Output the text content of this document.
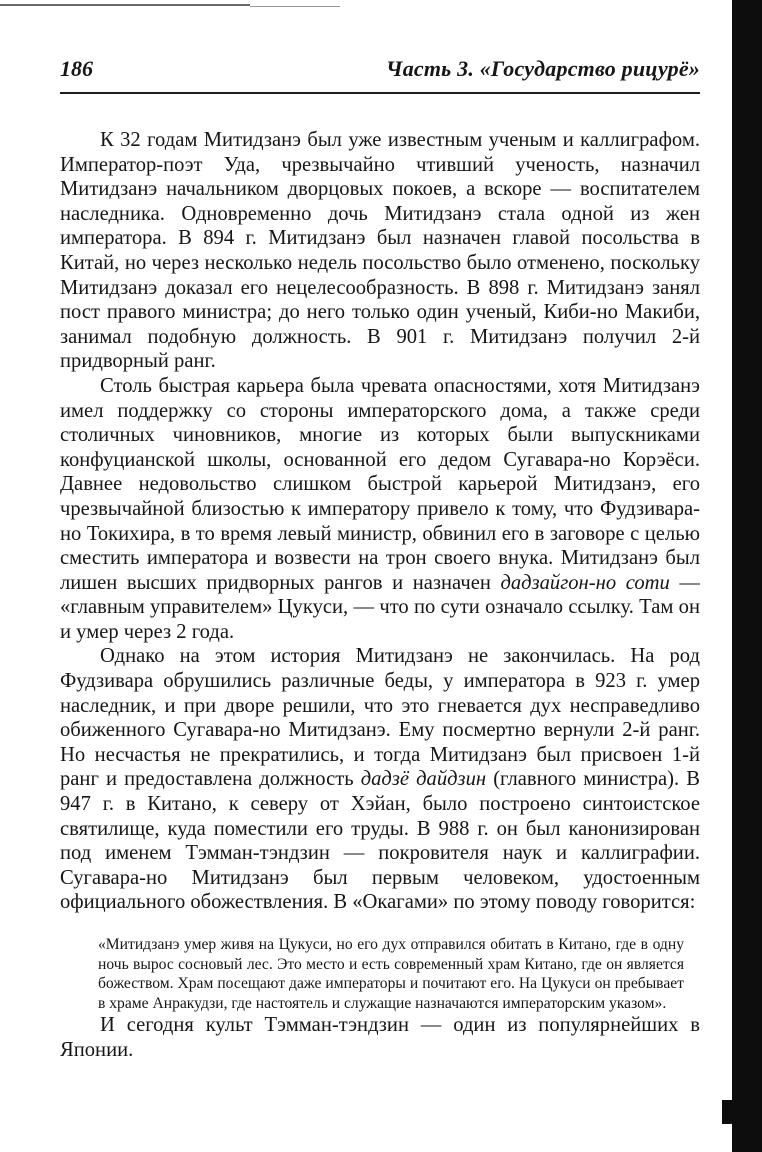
186	Часть 3. «Государство рицурё»

К 32 годам Митидзанэ был уже известным ученым и каллиграфом. Император-поэт Уда, чрезвычайно чтивший ученость, назначил Митидзанэ начальником дворцовых покоев, а вскоре — воспитателем наследника. Одновременно дочь Митидзанэ стала одной из жен императора. В 894 г. Митидзанэ был назначен главой посольства в Китай, но через несколько недель посольство было отменено, поскольку Митидзанэ доказал его нецелесообразность. В 898 г. Митидзанэ занял пост правого министра; до него только один ученый, Киби-но Макиби, занимал подобную должность. В 901 г. Митидзанэ получил 2-й придворный ранг.

Столь быстрая карьера была чревата опасностями, хотя Митидзанэ имел поддержку со стороны императорского дома, а также среди столичных чиновников, многие из которых были выпускниками конфуцианской школы, основанной его дедом Сугавара-но Корэёси. Давнее недовольство слишком быстрой карьерой Митидзанэ, его чрезвычайной близостью к императору привело к тому, что Фудзивара-но Токихира, в то время левый министр, обвинил его в заговоре с целью сместить императора и возвести на трон своего внука. Митидзанэ был лишен высших придворных рангов и назначен дадзайгон-но соти — «главным управителем» Цукуси, — что по сути означало ссылку. Там он и умер через 2 года.

Однако на этом история Митидзанэ не закончилась. На род Фудзивара обрушились различные беды, у императора в 923 г. умер наследник, и при дворе решили, что это гневается дух несправедливо обиженного Сугавара-но Митидзанэ. Ему посмертно вернули 2-й ранг. Но несчастья не прекратились, и тогда Митидзанэ был присвоен 1-й ранг и предоставлена должность дадзё дайдзин (главного министра). В 947 г. в Китано, к северу от Хэйан, было построено синтоистское святилище, куда поместили его труды. В 988 г. он был канонизирован под именем Тэмман-тэндзин — покровителя наук и каллиграфии. Сугавара-но Митидзанэ был первым человеком, удостоенным официального обожествления. В «Окагами» по этому поводу говорится:

«Митидзанэ умер живя на Цукуси, но его дух отправился обитать в Китано, где в одну ночь вырос сосновый лес. Это место и есть современный храм Китано, где он является божеством. Храм посещают даже императоры и почитают его. На Цукуси он пребывает в храме Анракудзи, где настоятель и служащие назначаются императорским указом».

И сегодня культ Тэмман-тэндзин — один из популярнейших в Японии.
